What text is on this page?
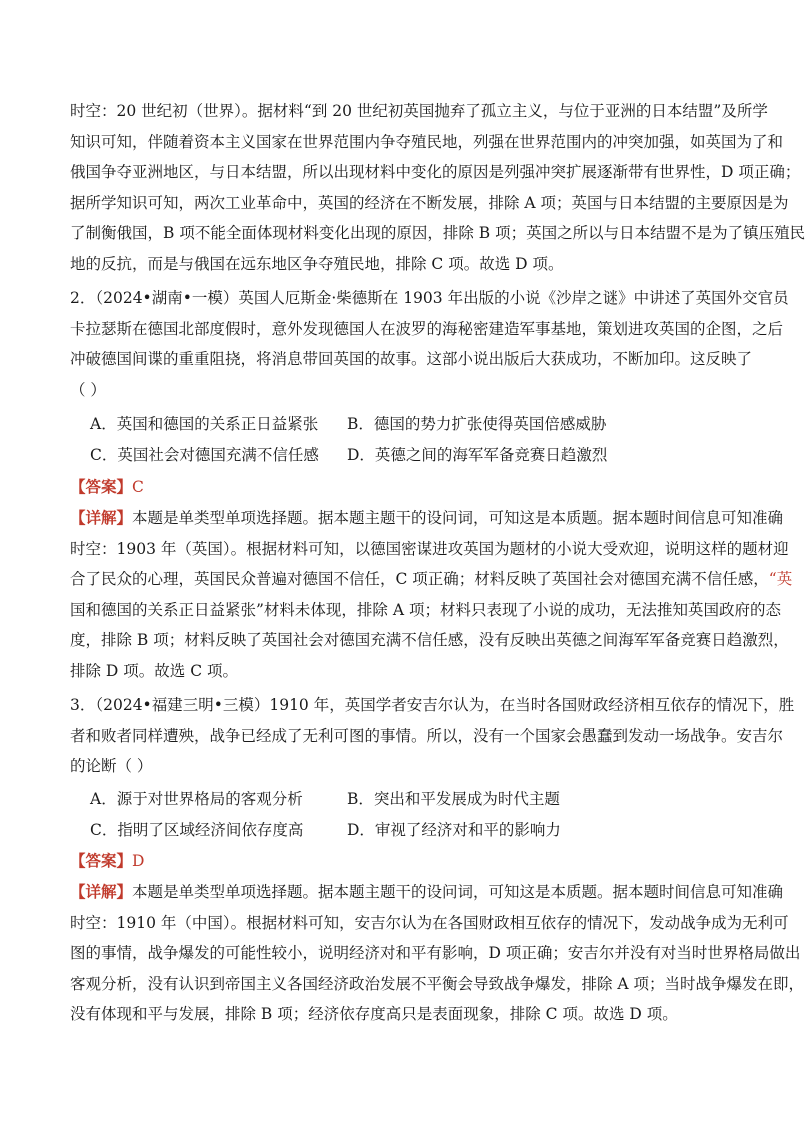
时空：20 世纪初（世界）。据材料“到 20 世纪初英国抛弃了孤立主义，与位于亚洲的日本结盟”及所学
知识可知，伴随着资本主义国家在世界范围内争夺殖民地，列强在世界范围内的冲突加强，如英国为了和
俄国争夺亚洲地区，与日本结盟，所以出现材料中变化的原因是列强冲突扩展逐渐带有世界性，D 项正确；
据所学知识可知，两次工业革命中，英国的经济在不断发展，排除 A 项；英国与日本结盟的主要原因是为
了制衡俄国，B 项不能全面体现材料变化出现的原因，排除 B 项；英国之所以与日本结盟不是为了镇压殖民
地的反抗，而是与俄国在远东地区争夺殖民地，排除 C 项。故选 D 项。
2．（2024•湖南•一模）英国人厄斯金·柴德斯在 1903 年出版的小说《沙岸之谜》中讲述了英国外交官员
卡拉瑟斯在德国北部度假时，意外发现德国人在波罗的海秘密建造军事基地，策划进攻英国的企图，之后
冲破德国间谍的重重阻挠，将消息带回英国的故事。这部小说出版后大获成功，不断加印。这反映了
（ ）
A．英国和德国的关系正日益紧张 B．德国的势力扩张使得英国倍感威胁
C．英国社会对德国充满不信任感 D．英德之间的海军军备竞赛日趋激烈
【答案】C
【详解】本题是单类型单项选择题。据本题主题干的设问词，可知这是本质题。据本题时间信息可知准确
时空：1903 年（英国）。根据材料可知，以德国密谋进攻英国为题材的小说大受欢迎，说明这样的题材迎
合了民众的心理，英国民众普遍对德国不信任，C 项正确；材料反映了英国社会对德国充满不信任感，“英
国和德国的关系正日益紧张”材料未体现，排除 A 项；材料只表现了小说的成功，无法推知英国政府的态
度，排除 B 项；材料反映了英国社会对德国充满不信任感，没有反映出英德之间海军军备竞赛日趋激烈，
排除 D 项。故选 C 项。
3．（2024•福建三明•三模）1910 年，英国学者安吉尔认为，在当时各国财政经济相互依存的情况下，胜
者和败者同样遭殃，战争已经成了无利可图的事情。所以，没有一个国家会愚蠢到发动一场战争。安吉尔
的论断（ ）
A．源于对世界格局的客观分析	B．突出和平发展成为时代主题
C．指明了区域经济间依存度高	D．审视了经济对和平的影响力
【答案】D
【详解】本题是单类型单项选择题。据本题主题干的设问词，可知这是本质题。据本题时间信息可知准确
时空：1910 年（中国）。根据材料可知，安吉尔认为在各国财政相互依存的情况下，发动战争成为无利可
图的事情，战争爆发的可能性较小，说明经济对和平有影响，D 项正确；安吉尔并没有对当时世界格局做出
客观分析，没有认识到帝国主义各国经济政治发展不平衡会导致战争爆发，排除 A 项；当时战争爆发在即，
没有体现和平与发展，排除 B 项；经济依存度高只是表面现象，排除 C 项。故选 D 项。
